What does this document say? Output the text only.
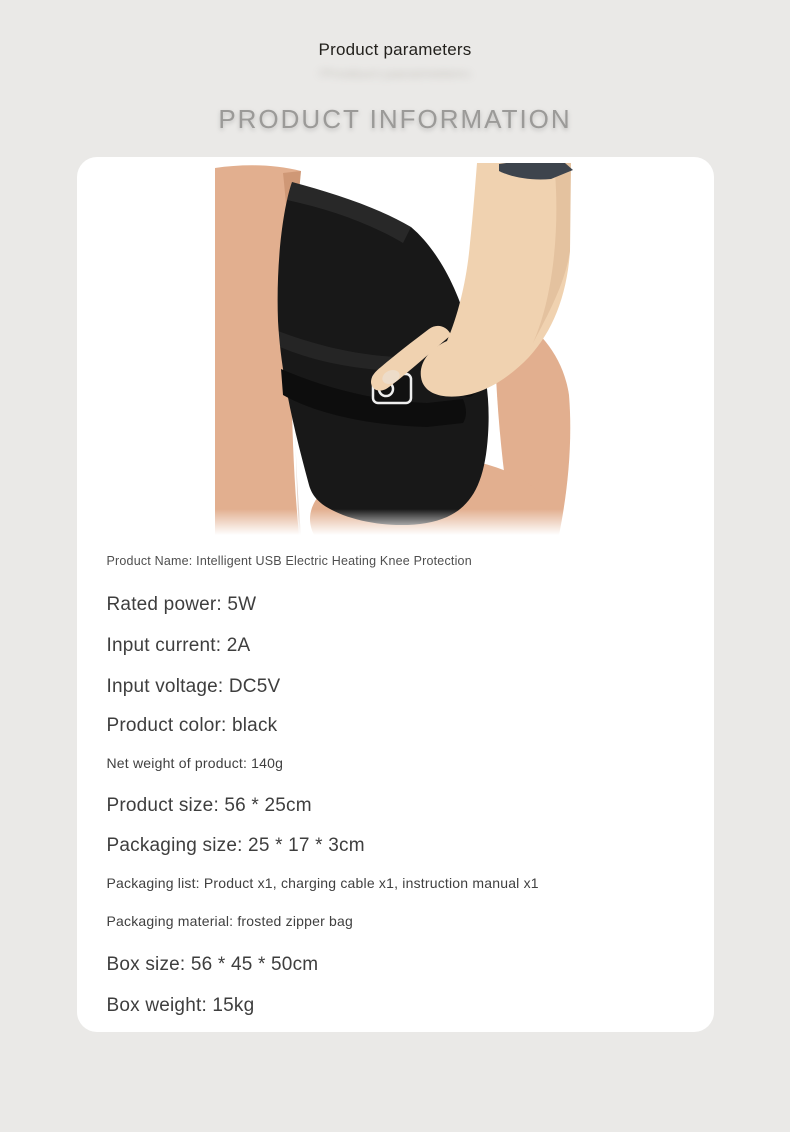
Product parameters
Product parameters
PRODUCT INFORMATION
Product Name: Intelligent USB Electric Heating Knee Protection
Rated power: 5W
Input current: 2A
Input voltage: DC5V
Product color: black
Net weight of product: 140g
Product size: 56 * 25cm
Packaging size: 25 * 17 * 3cm
Packaging list: Product x1, charging cable x1, instruction manual x1
Packaging material: frosted zipper bag
Box size: 56 * 45 * 50cm
Box weight: 15kg
